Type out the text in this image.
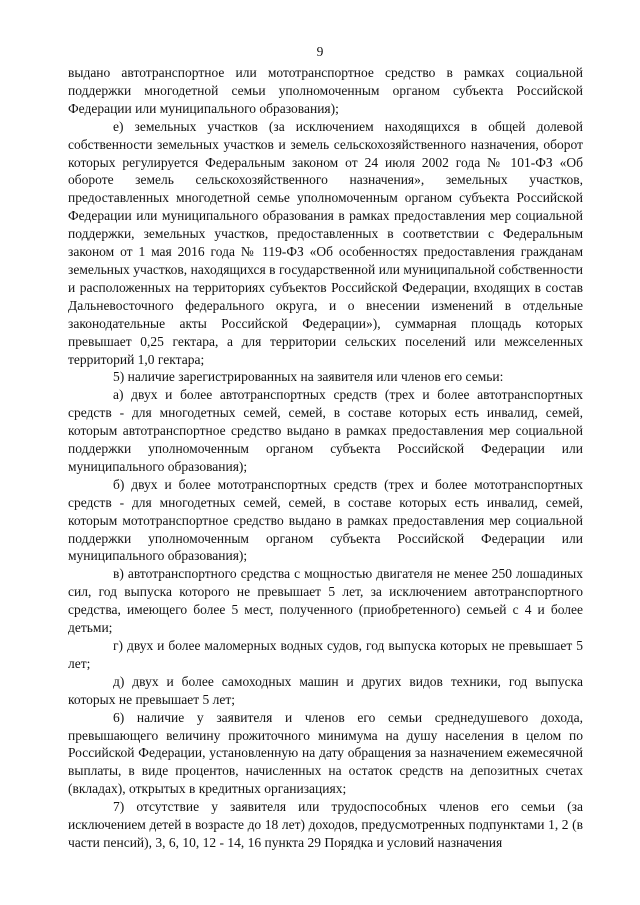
9

выдано автотранспортное или мототранспортное средство в рамках социальной поддержки многодетной семьи уполномоченным органом субъекта Российской Федерации или муниципального образования);

е) земельных участков (за исключением находящихся в общей долевой собственности земельных участков и земель сельскохозяйственного назначения, оборот которых регулируется Федеральным законом от 24 июля 2002 года № 101-ФЗ «Об обороте земель сельскохозяйственного назначения», земельных участков, предоставленных многодетной семье уполномоченным органом субъекта Российской Федерации или муниципального образования в рамках предоставления мер социальной поддержки, земельных участков, предоставленных в соответствии с Федеральным законом от 1 мая 2016 года № 119-ФЗ «Об особенностях предоставления гражданам земельных участков, находящихся в государственной или муниципальной собственности и расположенных на территориях субъектов Российской Федерации, входящих в состав Дальневосточного федерального округа, и о внесении изменений в отдельные законодательные акты Российской Федерации»), суммарная площадь которых превышает 0,25 гектара, а для территории сельских поселений или межселенных территорий 1,0 гектара;

5) наличие зарегистрированных на заявителя или членов его семьи:

а) двух и более автотранспортных средств (трех и более автотранспортных средств - для многодетных семей, семей, в составе которых есть инвалид, семей, которым автотранспортное средство выдано в рамках предоставления мер социальной поддержки уполномоченным органом субъекта Российской Федерации или муниципального образования);

б) двух и более мототранспортных средств (трех и более мототранспортных средств - для многодетных семей, семей, в составе которых есть инвалид, семей, которым мототранспортное средство выдано в рамках предоставления мер социальной поддержки уполномоченным органом субъекта Российской Федерации или муниципального образования);

в) автотранспортного средства с мощностью двигателя не менее 250 лошадиных сил, год выпуска которого не превышает 5 лет, за исключением автотранспортного средства, имеющего более 5 мест, полученного (приобретенного) семьей с 4 и более детьми;

г) двух и более маломерных водных судов, год выпуска которых не превышает 5 лет;

д) двух и более самоходных машин и других видов техники, год выпуска которых не превышает 5 лет;

6) наличие у заявителя и членов его семьи среднедушевого дохода, превышающего величину прожиточного минимума на душу населения в целом по Российской Федерации, установленную на дату обращения за назначением ежемесячной выплаты, в виде процентов, начисленных на остаток средств на депозитных счетах (вкладах), открытых в кредитных организациях;

7) отсутствие у заявителя или трудоспособных членов его семьи (за исключением детей в возрасте до 18 лет) доходов, предусмотренных подпунктами 1, 2 (в части пенсий), 3, 6, 10, 12 - 14, 16 пункта 29 Порядка и условий назначения
